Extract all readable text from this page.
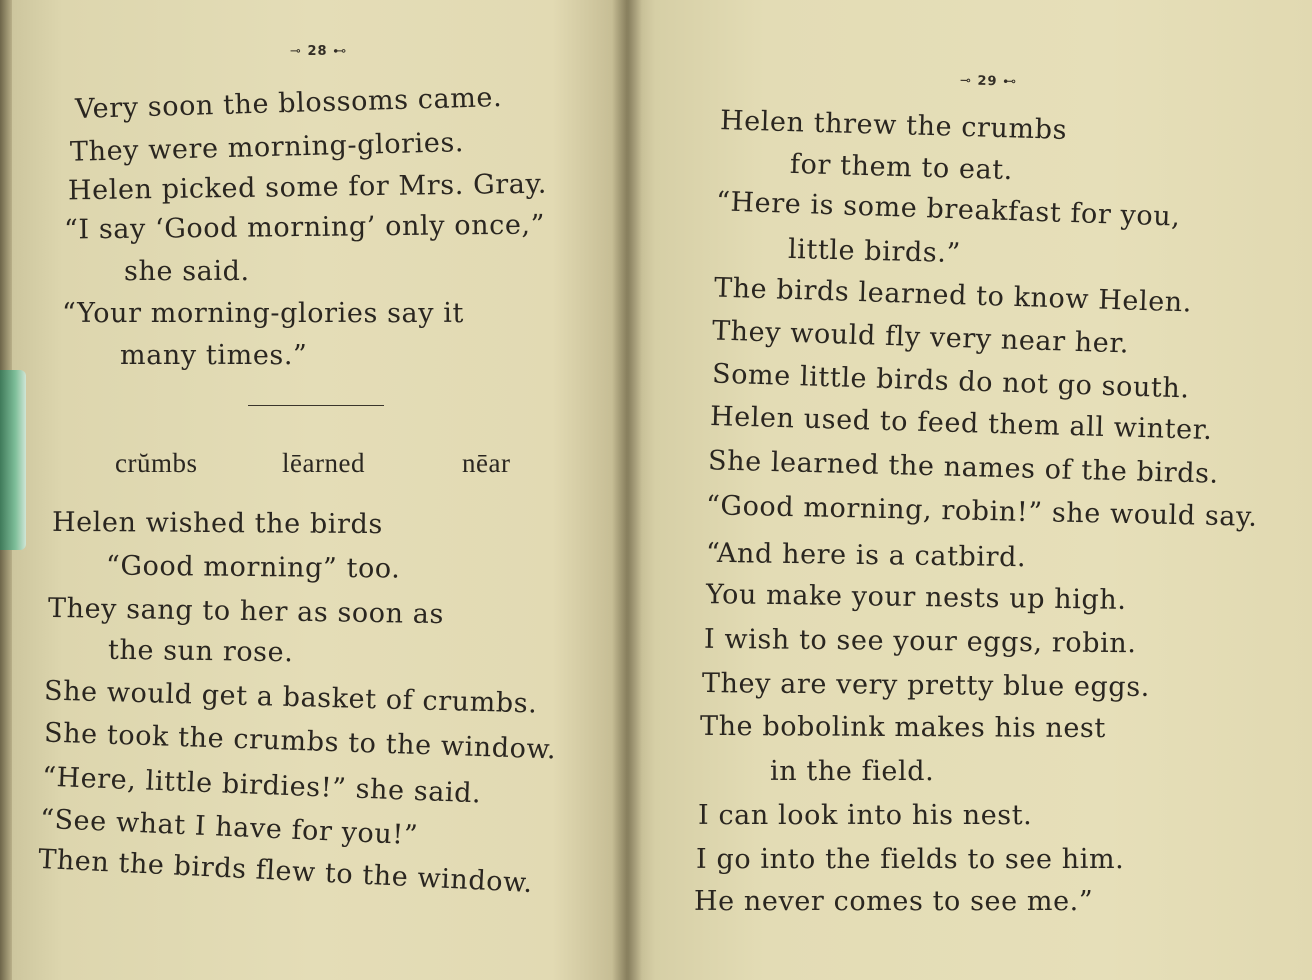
⊸ 28 ⊷
Very soon the blossoms came.
They were morning-glories.
Helen picked some for Mrs. Gray.
“I say ‘Good morning’ only once,”
she said.
“Your morning-glories say it
many times.”
crŭmbs	lēarned	nēar
Helen wished the birds
“Good morning” too.
They sang to her as soon as
the sun rose.
She would get a basket of crumbs.
She took the crumbs to the window.
“Here, little birdies!” she said.
“See what I have for you!”
Then the birds flew to the window.
⊸ 29 ⊷
Helen threw the crumbs
for them to eat.
“Here is some breakfast for you,
little birds.”
The birds learned to know Helen.
They would fly very near her.
Some little birds do not go south.
Helen used to feed them all winter.
She learned the names of the birds.
“Good morning, robin!” she would say.
“And here is a catbird.
You make your nests up high.
I wish to see your eggs, robin.
They are very pretty blue eggs.
The bobolink makes his nest
in the field.
I can look into his nest.
I go into the fields to see him.
He never comes to see me.”
